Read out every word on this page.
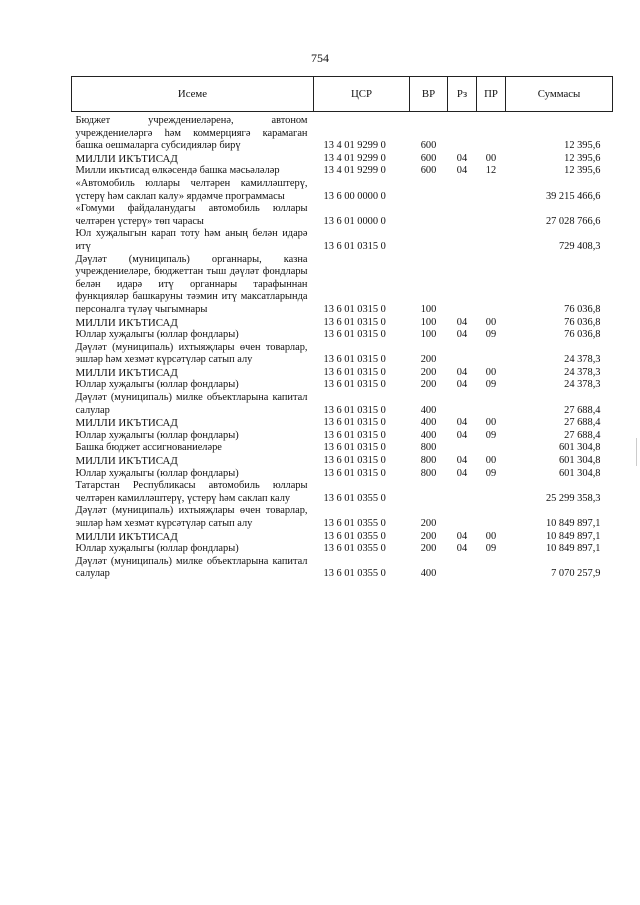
754
Исеме	ЦСР	ВР	Рз	ПР	Суммасы
Бюджет учреждениеләренә, автоном учреждениеләргә һәм коммерциягә карамаган башка оешмаларга субсидияләр бирү	13 4 01 9299 0	600			12 395,6
МИЛЛИ ИКЪТИСАД	13 4 01 9299 0	600	04	00	12 395,6
Милли икътисад өлкәсендә башка мәсьәләләр	13 4 01 9299 0	600	04	12	12 395,6
«Автомобиль юллары челтәрен камилләштерү, үстерү һәм саклап калу» ярдәмче программасы	13 6 00 0000 0				39 215 466,6
«Гомуми файдаланудагы автомобиль юллары челтәрен үстерү» төп чарасы	13 6 01 0000 0				27 028 766,6
Юл хуҗалыгын карап тоту һәм аның белән идарә итү	13 6 01 0315 0				729 408,3
Дәүләт (муниципаль) органнары, казна учреждениеләре, бюджеттан тыш дәүләт фондлары белән идарә итү органнары тарафыннан функцияләр башкаруны тәэмин итү максатларында персоналга түләү чыгымнары	13 6 01 0315 0	100			76 036,8
МИЛЛИ ИКЪТИСАД	13 6 01 0315 0	100	04	00	76 036,8
Юллар хуҗалыгы (юллар фондлары)	13 6 01 0315 0	100	04	09	76 036,8
Дәүләт (муниципаль) ихтыяҗлары өчен товарлар, эшләр һәм хезмәт күрсәтүләр сатып алу	13 6 01 0315 0	200			24 378,3
МИЛЛИ ИКЪТИСАД	13 6 01 0315 0	200	04	00	24 378,3
Юллар хуҗалыгы (юллар фондлары)	13 6 01 0315 0	200	04	09	24 378,3
Дәүләт (муниципаль) милке объектларына капитал салулар	13 6 01 0315 0	400			27 688,4
МИЛЛИ ИКЪТИСАД	13 6 01 0315 0	400	04	00	27 688,4
Юллар хуҗалыгы (юллар фондлары)	13 6 01 0315 0	400	04	09	27 688,4
Башка бюджет ассигнованиеләре	13 6 01 0315 0	800			601 304,8
МИЛЛИ ИКЪТИСАД	13 6 01 0315 0	800	04	00	601 304,8
Юллар хуҗалыгы (юллар фондлары)	13 6 01 0315 0	800	04	09	601 304,8
Татарстан Республикасы автомобиль юллары челтәрен камилләштерү, үстерү һәм саклап калу	13 6 01 0355 0				25 299 358,3
Дәүләт (муниципаль) ихтыяҗлары өчен товарлар, эшләр һәм хезмәт күрсәтүләр сатып алу	13 6 01 0355 0	200			10 849 897,1
МИЛЛИ ИКЪТИСАД	13 6 01 0355 0	200	04	00	10 849 897,1
Юллар хуҗалыгы (юллар фондлары)	13 6 01 0355 0	200	04	09	10 849 897,1
Дәүләт (муниципаль) милке объектларына капитал салулар	13 6 01 0355 0	400			7 070 257,9
